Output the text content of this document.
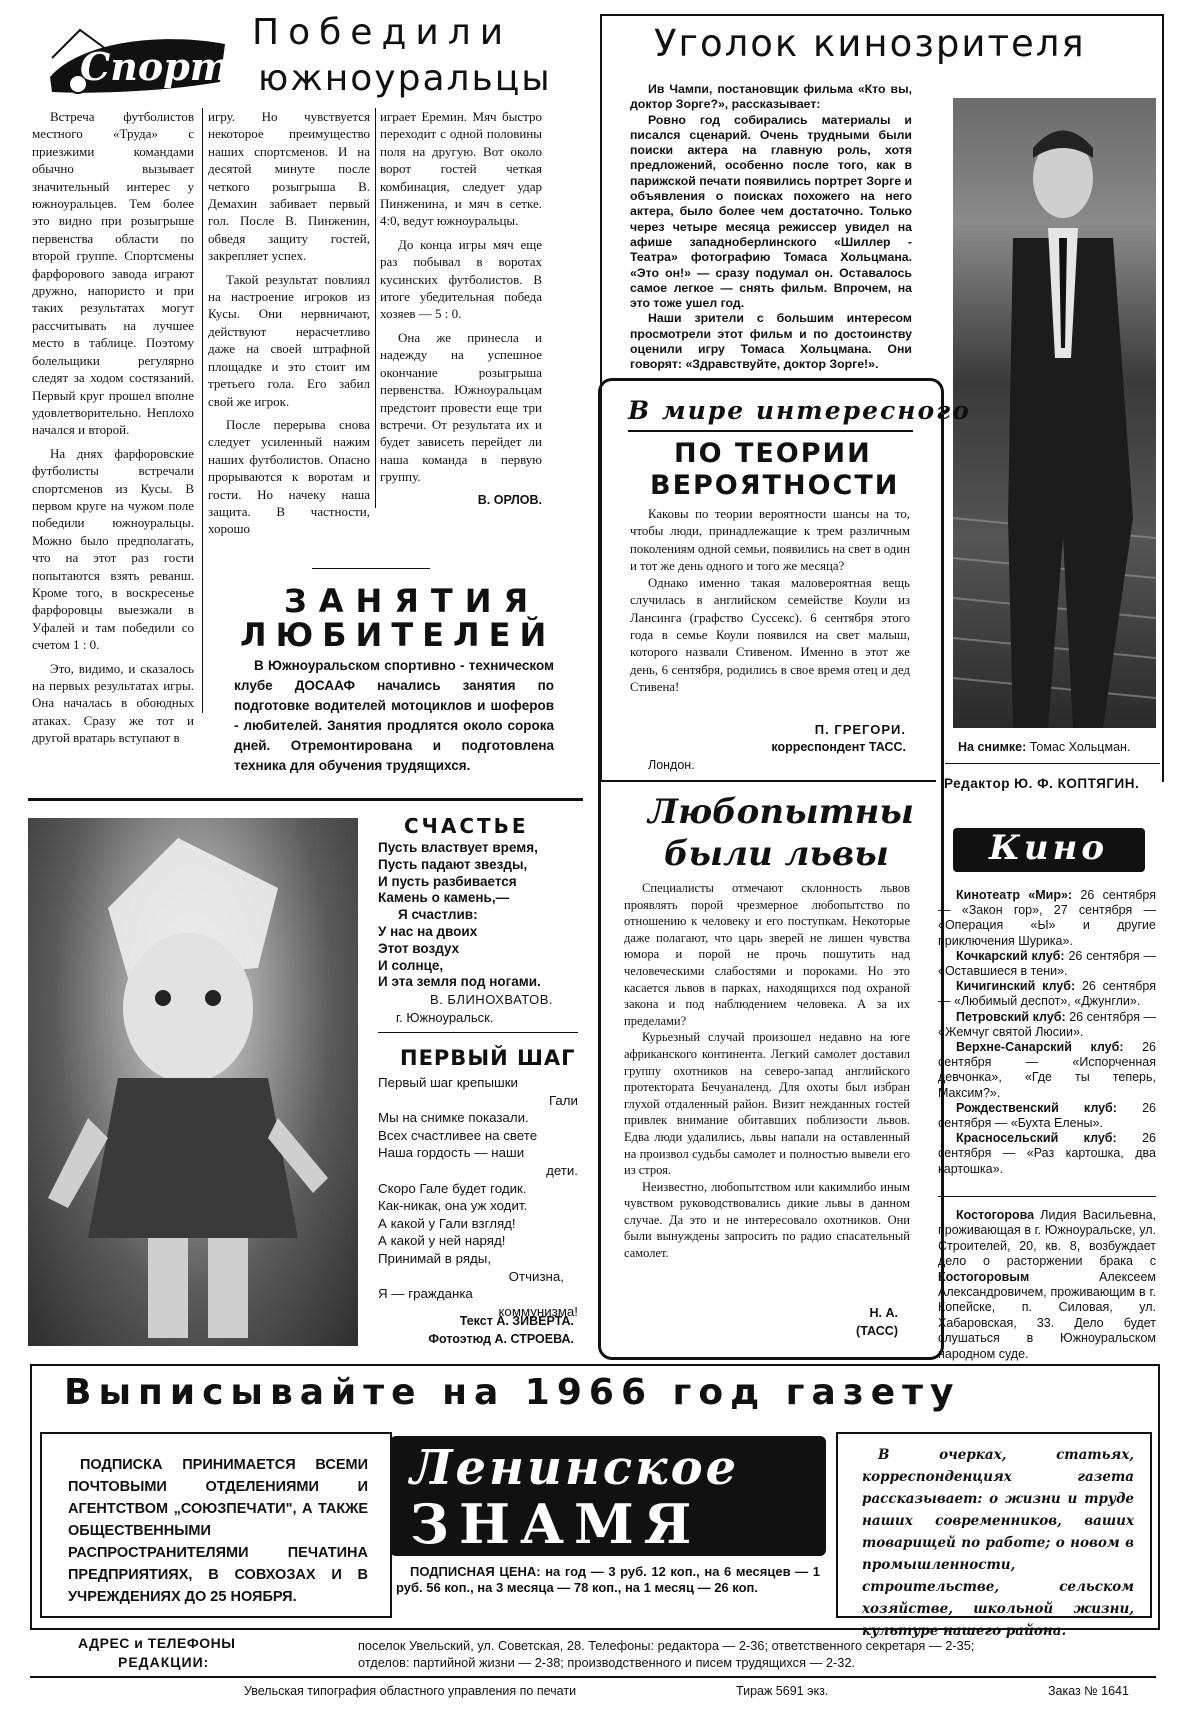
Спорт
Победили
южноуральцы

Встреча футболистов местного «Труда» с приезжими командами обычно вызывает значительный интерес у южноуральцев. Тем более это видно при розыгрыше первенства области по второй группе. Спортсмены фарфорового завода играют дружно, напористо и при таких результатах могут рассчитывать на лучшее место в таблице. Поэтому болельщики регулярно следят за ходом состязаний. Первый круг прошел вполне удовлетворительно. Неплохо начался и второй.

На днях фарфоровские футболисты встречали спортсменов из Кусы. В первом круге на чужом поле победили южноуральцы. Можно было предполагать, что на этот раз гости попытаются взять реванш. Кроме того, в воскресенье фарфоровцы выезжали в Уфалей и там победили со счетом 1 : 0.

Это, видимо, и сказалось на первых результатах игры. Она началась в обоюдных атаках. Сразу же тот и другой вратарь вступают в

игру. Но чувствуется некоторое преимущество наших спортсменов. И на десятой минуте после четкого розыгрыша В. Демахин забивает первый гол. После В. Пинженин, обведя защиту гостей, закрепляет успех.

Такой результат повлиял на настроение игроков из Кусы. Они нервничают, действуют нерасчетливо даже на своей штрафной площадке и это стоит им третьего гола. Его забил свой же игрок.

После перерыва снова следует усиленный нажим наших футболистов. Опасно прорываются к воротам и гости. Но начеку наша защита. В частности, хорошо

играет Еремин. Мяч быстро переходит с одной половины поля на другую. Вот около ворот гостей четкая комбинация, следует удар Пинженина, и мяч в сетке. 4:0, ведут южноуральцы.

До конца игры мяч еще раз побывал в воротах кусинских футболистов. В итоге убедительная победа хозяев — 5 : 0.

Она же принесла и надежду на успешное окончание розыгрыша первенства. Южноуральцам предстоит провести еще три встречи. От результата их и будет зависеть перейдет ли наша команда в первую группу.

В. ОРЛОВ.
ЗАНЯТИЯ
ЛЮБИТЕЛЕЙ
В Южноуральском спортивно - техническом клубе ДОСААФ начались занятия по подготовке водителей мотоциклов и шоферов - любителей. Занятия продлятся около сорока дней. Отремонтирована и подготовлена техника для обучения трудящихся.
Уголок кинозрителя

Ив Чампи, постановщик фильма «Кто вы, доктор Зорге?», рассказывает:

Ровно год собирались материалы и писался сценарий. Очень трудными были поиски актера на главную роль, хотя предложений, особенно после того, как в парижской печати появились портрет Зорге и объявления о поисках похожего на него актера, было более чем достаточно. Только через четыре месяца режиссер увидел на афише западноберлинского «Шиллер - Театра» фотографию Томаса Хольцмана. «Это он!» — сразу подумал он. Оставалось самое легкое — снять фильм. Впрочем, на это тоже ушел год.

Наши зрители с большим интересом просмотрели этот фильм и по достоинству оценили игру Томаса Хольцмана. Они говорят: «Здравствуйте, доктор Зорге!».

На снимке: Томас Хольцман.
Редактор Ю. Ф. КОПТЯГИН.
В мире интересного
ПО ТЕОРИИ
ВЕРОЯТНОСТИ

Каковы по теории вероятности шансы на то, чтобы люди, принадлежащие к трем различным поколениям одной семьи, появились на свет в один и тот же день одного и того же месяца?

Однако именно такая маловероятная вещь случилась в английском семействе Коули из Лансинга (графство Суссекс). 6 сентября этого года в семье Коули появился на свет малыш, которого назвали Стивеном. Именно в этот же день, 6 сентября, родились в свое время отец и дед Стивена!

П. ГРЕГОРИ.
корреспондент ТАСС.
Лондон.
Любопытны
были львы

Специалисты отмечают склонность львов проявлять порой чрезмерное любопытство по отношению к человеку и его поступкам. Некоторые даже полагают, что царь зверей не лишен чувства юмора и порой не прочь пошутить над человеческими слабостями и пороками. Но это касается львов в парках, находящихся под охраной закона и под наблюдением человека. А за их пределами?

Курьезный случай произошел недавно на юге африканского континента. Легкий самолет доставил группу охотников на северо-запад английского протектората Бечуаналенд. Для охоты был избран глухой отдаленный район. Визит нежданных гостей привлек внимание обитавших поблизости львов. Едва люди удалились, львы напали на оставленный на произвол судьбы самолет и полностью вывели его из строя.

Неизвестно, любопытством или какимлибо иным чувством руководствовались дикие львы в данном случае. Да это и не интересовало охотников. Они были вынуждены запросить по радио спасательный самолет.

Н. А.
(ТАСС)
СЧАСТЬЕ
Пусть властвует время,
Пусть падают звезды,
И пусть разбивается
Камень о камень,—
Я счастлив:
У нас на двоих
Этот воздух
И солнце,
И эта земля под ногами.
В. БЛИНОХВАТОВ.
г. Южноуральск.
ПЕРВЫЙ ШАГ
Первый шаг крепышки
Гали
Мы на снимке показали.
Всех счастливее на свете
Наша гордость — наши
дети.
Скоро Гале будет годик.
Как-никак, она уж ходит.
А какой у Гали взгляд!
А какой у ней наряд!
Принимай в ряды,
Отчизна,
Я — гражданка
коммунизма!
Текст А. ЗИВЕРТА.
Фотоэтюд А. СТРОЕВА.
Кино
Кинотеатр «Мир»: 26 сентября — «Закон гор», 27 сентября — «Операция «Ы» и другие приключения Шурика».
Кочкарский клуб: 26 сентября — «Оставшиеся в тени».
Кичигинский клуб: 26 сентября — «Любимый деспот», «Джунгли».
Петровский клуб: 26 сентября — «Жемчуг святой Люсии».
Верхне-Санарский клуб: 26 сентября — «Испорченная девчонка», «Где ты теперь, Максим?».
Рождественский клуб: 26 сентября — «Бухта Елены».
Красносельский клуб: 26 сентября — «Раз картошка, два картошка».
Костогорова Лидия Васильевна, проживающая в г. Южноуральске, ул. Строителей, 20, кв. 8, возбуждает дело о расторжении брака с Костогоровым	Алексеем Александровичем, проживающим в г. Копейске, п. Силовая, ул. Хабаровская, 33. Дело будет слушаться в Южноуральском народном суде.
Выписывайте на 1966 год газету
ПОДПИСКА ПРИНИМАЕТСЯ ВСЕМИ ПОЧТОВЫМИ ОТДЕЛЕНИЯМИ И АГЕНТСТВОМ „СОЮЗПЕЧАТИ", А ТАКЖЕ ОБЩЕСТВЕННЫМИ РАСПРОСТРАНИТЕЛЯМИ ПЕЧАТИНА ПРЕДПРИЯТИЯХ, В СОВХОЗАХ И В УЧРЕЖДЕНИЯХ ДО 25 НОЯБРЯ.
Ленинское
ЗНАМЯ
ПОДПИСНАЯ ЦЕНА: на год — 3 руб. 12 коп., на 6 месяцев — 1 руб. 56 коп., на 3 месяца — 78 коп., на 1 месяц — 26 коп.
В очерках, статьях, корреспонденциях газета рассказывает: о жизни и труде наших современников, ваших товарищей по работе; о новом в промышленности, строительстве, сельском хозяйстве, школьной жизни, культуре нашего района.
АДРЕС и ТЕЛЕФОНЫ
РЕДАКЦИИ:
поселок Увельский, ул. Советская, 28. Телефоны: редактора — 2-36; ответственного секретаря — 2-35;
отделов: партийной жизни — 2-38; производственного и писем трудящихся — 2-32.
Увельская типография областного управления по печати	Тираж 5691 экз.	Заказ № 1641
